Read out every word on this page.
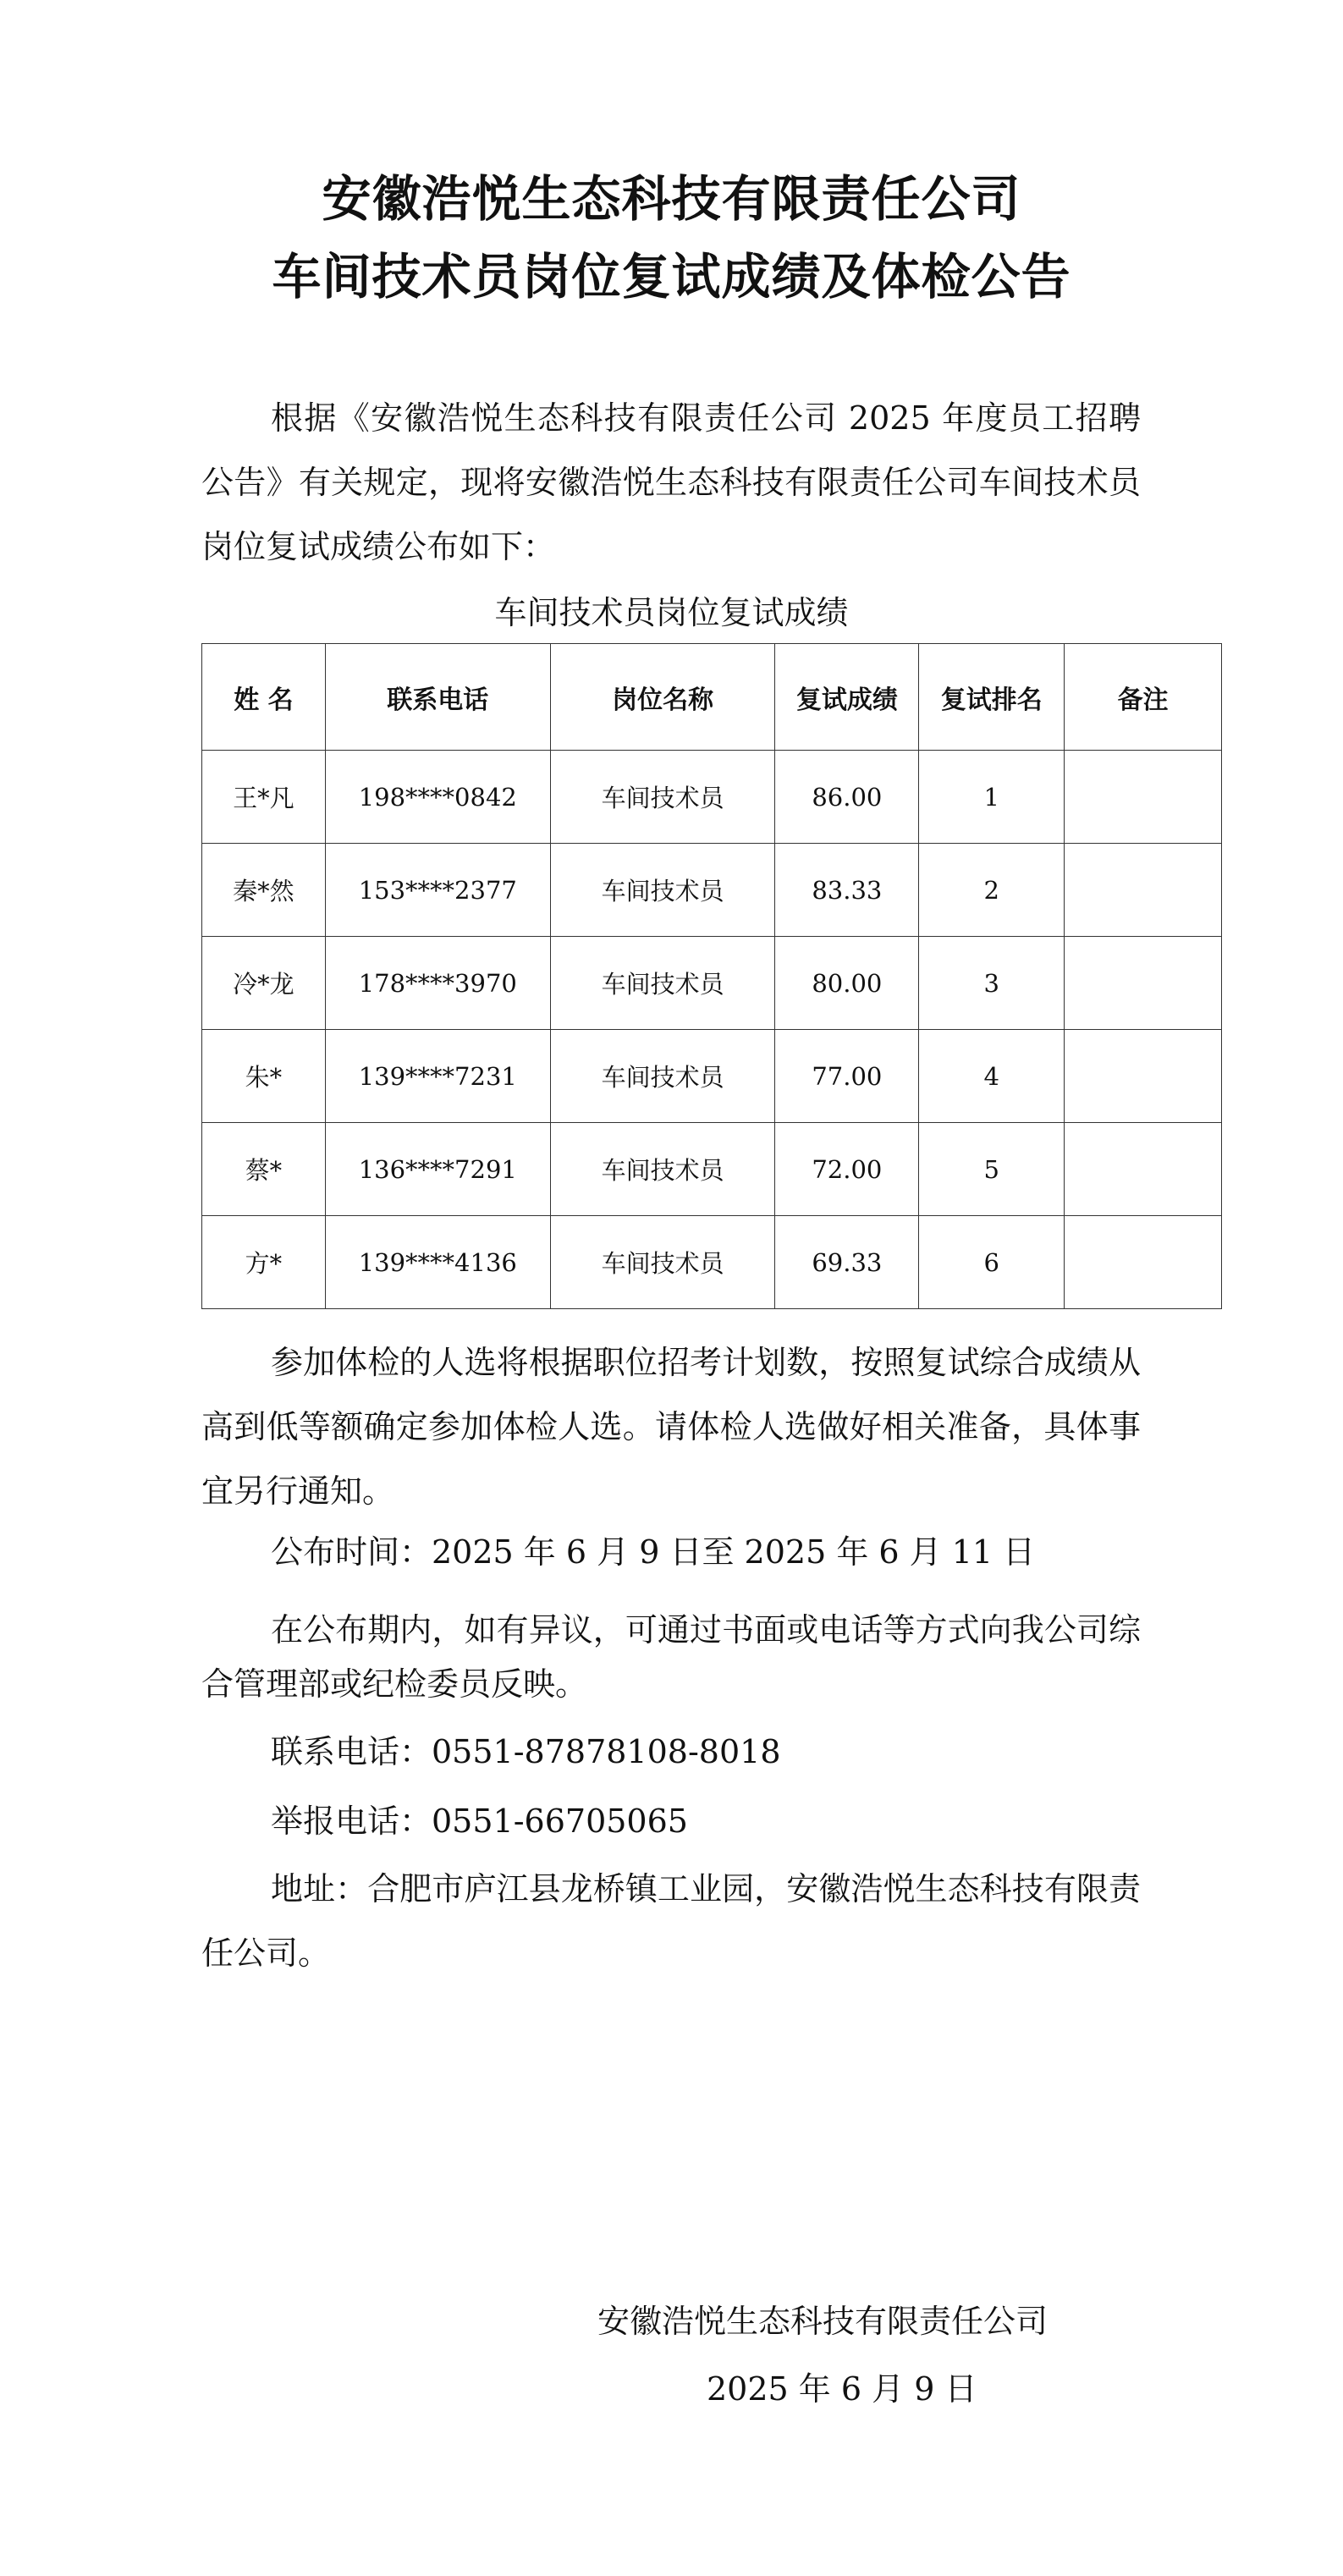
安徽浩悦生态科技有限责任公司
车间技术员岗位复试成绩及体检公告
根据《安徽浩悦生态科技有限责任公司 2025 年度员工招聘公告》有关规定，现将安徽浩悦生态科技有限责任公司车间技术员岗位复试成绩公布如下：
车间技术员岗位复试成绩
姓 名	联系电话	岗位名称	复试成绩	复试排名	备注
王*凡	198****0842	车间技术员	86.00	1	
秦*然	153****2377	车间技术员	83.33	2	
冷*龙	178****3970	车间技术员	80.00	3	
朱*	139****7231	车间技术员	77.00	4	
蔡*	136****7291	车间技术员	72.00	5	
方*	139****4136	车间技术员	69.33	6	
参加体检的人选将根据职位招考计划数，按照复试综合成绩从高到低等额确定参加体检人选。请体检人选做好相关准备，具体事宜另行通知。
公布时间：2025 年 6 月 9 日至 2025 年 6 月 11 日
在公布期内，如有异议，可通过书面或电话等方式向我公司综合管理部或纪检委员反映。
联系电话：0551-87878108-8018
举报电话：0551-66705065
地址：合肥市庐江县龙桥镇工业园，安徽浩悦生态科技有限责任公司。
安徽浩悦生态科技有限责任公司
2025 年 6 月 9 日
